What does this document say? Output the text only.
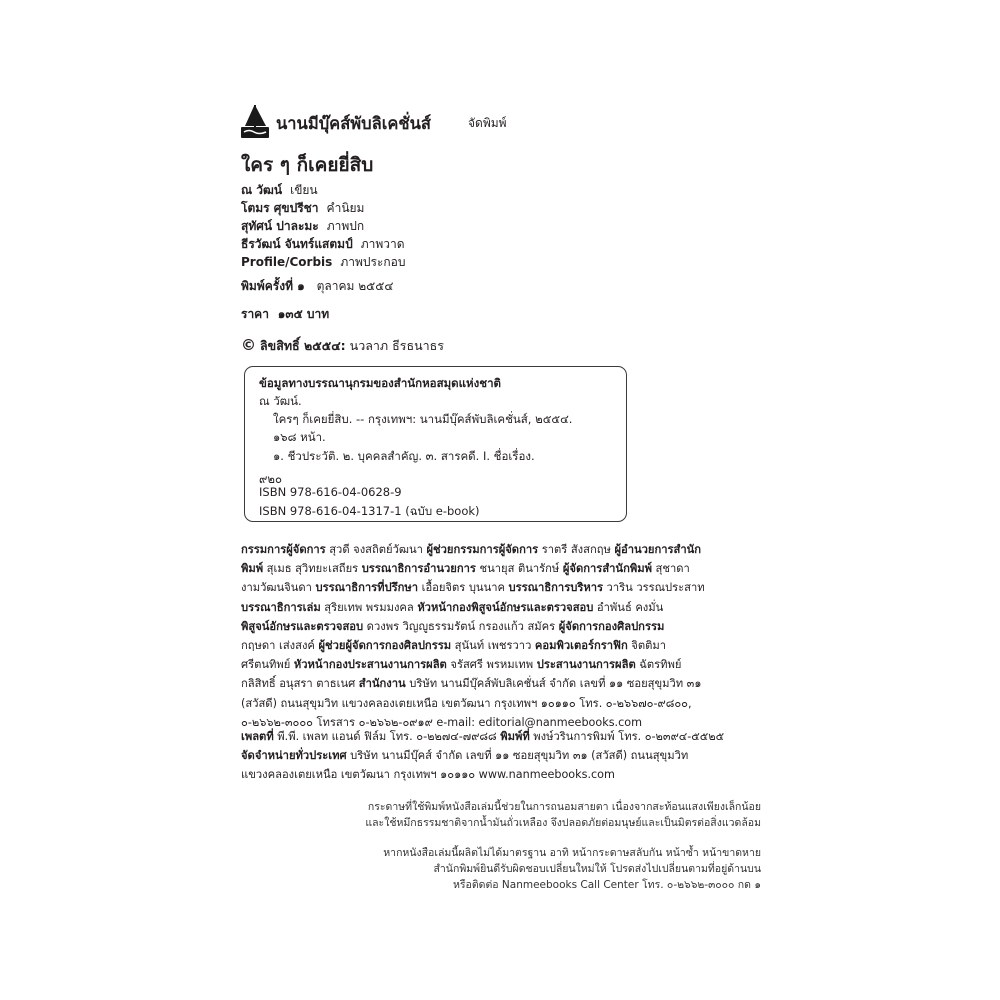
นานมีบุ๊คส์พับลิเคชั่นส์	จัดพิมพ์
ใคร ๆ ก็เคยยี่สิบ
ณ วัฒน์ เขียน
โตมร ศุขปรีชา คำนิยม
สุทัศน์ ปาละมะ ภาพปก
ธีรวัฒน์ จันทร์แสตมป์ ภาพวาด
Profile/Corbis ภาพประกอบ
พิมพ์ครั้งที่ ๑ ตุลาคม ๒๕๕๔
ราคา ๑๓๕ บาท
© ลิขสิทธิ์ ๒๕๕๔: นวลาภ ธีรธนาธร
ข้อมูลทางบรรณานุกรมของสำนักหอสมุดแห่งชาติ
ณ วัฒน์.
ใครๆ ก็เคยยี่สิบ. -- กรุงเทพฯ: นานมีบุ๊คส์พับลิเคชั่นส์, ๒๕๕๔.
๑๖๘ หน้า.
๑. ชีวประวัติ. ๒. บุคคลสำคัญ. ๓. สารคดี. I. ชื่อเรื่อง.
๙๒๐
ISBN 978-616-04-0628-9
ISBN 978-616-04-1317-1 (ฉบับ e-book)
กรรมการผู้จัดการ สุวดี จงสถิตย์วัฒนา ผู้ช่วยกรรมการผู้จัดการ ราตรี สังสกฤษ ผู้อำนวยการสำนัก
พิมพ์ สุเมธ สุวิทยะเสถียร บรรณาธิการอำนวยการ ชนายุส ตินารักษ์ ผู้จัดการสำนักพิมพ์ สุชาดา
งามวัฒนจินดา บรรณาธิการที่ปรึกษา เอื้อยจิตร บุนนาค บรรณาธิการบริหาร วาริน วรรณประสาท
บรรณาธิการเล่ม สุริยเทพ พรมมงคล หัวหน้ากองพิสูจน์อักษรและตรวจสอบ อำพันธ์ คงมั่น
พิสูจน์อักษรและตรวจสอบ ดวงพร วิญญูธรรมรัตน์ กรองแก้ว สมัคร ผู้จัดการกองศิลปกรรม
กฤษดา เส่งสงค์ ผู้ช่วยผู้จัดการกองศิลปกรรม สุนันท์ เพชรวาว คอมพิวเตอร์กราฟิก จิตติมา
ศรีตนทิพย์ หัวหน้ากองประสานงานการผลิต จรัสศรี พรหมเทพ ประสานงานการผลิต ฉัตรทิพย์
กลิสิทธิ์ อนุสรา ตาธเนศ สำนักงาน บริษัท นานมีบุ๊คส์พับลิเคชั่นส์ จำกัด เลขที่ ๑๑ ซอยสุขุมวิท ๓๑
(สวัสดี) ถนนสุขุมวิท แขวงคลองเตยเหนือ เขตวัฒนา กรุงเทพฯ ๑๐๑๑๐ โทร. ๐-๒๖๖๗๐-๙๘๐๐,
๐-๒๖๖๒-๓๐๐๐ โทรสาร ๐-๒๖๖๒-๐๙๑๙ e-mail: editorial@nanmeebooks.com
เพลตที่ พี.พี. เพลท แอนด์ ฟิล์ม โทร. ๐-๒๒๗๔-๗๙๘๘ พิมพ์ที่ พงษ์วรินการพิมพ์ โทร. ๐-๒๓๙๔-๕๕๒๕
จัดจำหน่ายทั่วประเทศ บริษัท นานมีบุ๊คส์ จำกัด เลขที่ ๑๑ ซอยสุขุมวิท ๓๑ (สวัสดี) ถนนสุขุมวิท
แขวงคลองเตยเหนือ เขตวัฒนา กรุงเทพฯ ๑๐๑๑๐ www.nanmeebooks.com
กระดาษที่ใช้พิมพ์หนังสือเล่มนี้ช่วยในการถนอมสายตา เนื่องจากสะท้อนแสงเพียงเล็กน้อย
และใช้หมึกธรรมชาติจากน้ำมันถั่วเหลือง จึงปลอดภัยต่อมนุษย์และเป็นมิตรต่อสิ่งแวดล้อม
หากหนังสือเล่มนี้ผลิตไม่ได้มาตรฐาน อาทิ หน้ากระดาษสลับกัน หน้าซ้ำ หน้าขาดหาย
สำนักพิมพ์ยินดีรับผิดชอบเปลี่ยนใหม่ให้ โปรดส่งไปเปลี่ยนตามที่อยู่ด้านบน
หรือติดต่อ Nanmeebooks Call Center โทร. ๐-๒๖๖๒-๓๐๐๐ กด ๑
